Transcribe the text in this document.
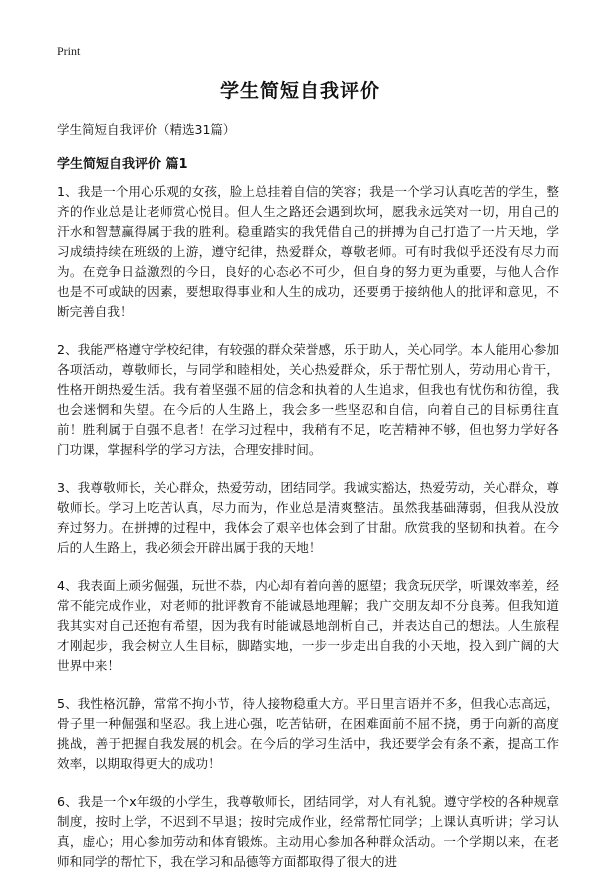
Print
学生简短自我评价
学生简短自我评价（精选31篇）
学生简短自我评价 篇1

1、我是一个用心乐观的女孩，脸上总挂着自信的笑容；我是一个学习认真吃苦的学生，整齐的作业总是让老师赏心悦目。但人生之路还会遇到坎坷，愿我永远笑对一切，用自己的汗水和智慧赢得属于我的胜利。稳重踏实的我凭借自己的拼搏为自己打造了一片天地，学习成绩持续在班级的上游，遵守纪律，热爱群众，尊敬老师。可有时我似乎还没有尽力而为。在竞争日益激烈的今日，良好的心态必不可少，但自身的努力更为重要，与他人合作也是不可或缺的因素，要想取得事业和人生的成功，还要勇于接纳他人的批评和意见，不断完善自我！

2、我能严格遵守学校纪律，有较强的群众荣誉感，乐于助人，关心同学。本人能用心参加各项活动，尊敬师长，与同学和睦相处，关心热爱群众，乐于帮忙别人，劳动用心肯干，性格开朗热爱生活。我有着坚强不屈的信念和执着的人生追求，但我也有忧伤和彷徨，我也会迷惘和失望。在今后的人生路上，我会多一些坚忍和自信，向着自己的目标勇往直前！胜利属于自强不息者！在学习过程中，我稍有不足，吃苦精神不够，但也努力学好各门功课，掌握科学的学习方法，合理安排时间。

3、我尊敬师长，关心群众，热爱劳动，团结同学。我诚实豁达，热爱劳动，关心群众，尊敬师长。学习上吃苦认真，尽力而为，作业总是清爽整洁。虽然我基础薄弱，但我从没放弃过努力。在拼搏的过程中，我体会了艰辛也体会到了甘甜。欣赏我的坚韧和执着。在今后的人生路上，我必须会开辟出属于我的天地！

4、我表面上顽劣倔强，玩世不恭，内心却有着向善的愿望；我贪玩厌学，听课效率差，经常不能完成作业，对老师的批评教育不能诚恳地理解；我广交朋友却不分良莠。但我知道我其实对自己还抱有希望，因为我有时能诚恳地剖析自己，并表达自己的想法。人生旅程才刚起步，我会树立人生目标，脚踏实地，一步一步走出自我的小天地，投入到广阔的大世界中来！

5、我性格沉静，常常不拘小节，待人接物稳重大方。平日里言语并不多，但我心志高远，骨子里一种倔强和坚忍。我上进心强，吃苦钻研，在困难面前不屈不挠，勇于向新的高度挑战，善于把握自我发展的机会。在今后的学习生活中，我还要学会有条不紊，提高工作效率，以期取得更大的成功！

6、我是一个x年级的小学生，我尊敬师长，团结同学，对人有礼貌。遵守学校的各种规章制度，按时上学，不迟到不早退；按时完成作业，经常帮忙同学；上课认真听讲；学习认真，虚心；用心参加劳动和体育锻炼。主动用心参加各种群众活动。一个学期以来，在老师和同学的帮忙下，我在学习和品德等方面都取得了很大的进
